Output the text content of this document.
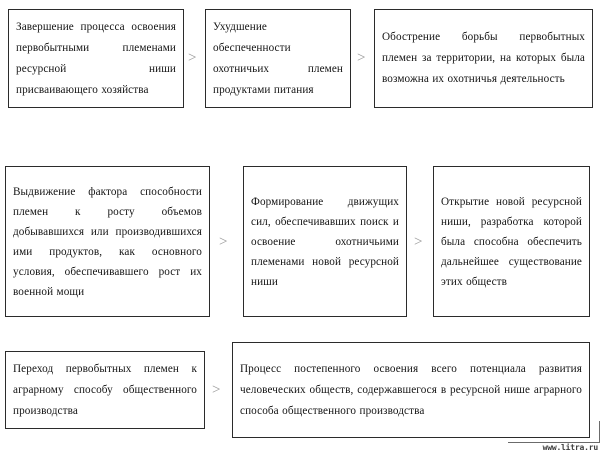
Завершение процесса освоения первобытными племенами ресурсной ниши присваивающего хозяйства
>
Ухудшение обеспеченности охотничьих племен продуктами питания
>
Обострение борьбы первобытных племен за территории, на которых была возможна их охотничья деятельность
Выдвижение фактора способности племен к росту объемов добывавшихся или производившихся ими продуктов, как основного условия, обеспечивавшего рост их военной мощи
>
Формирование движущих сил, обеспечивавших поиск и освоение охотничьими племенами новой ресурсной ниши
>
Открытие новой ресурсной ниши, разработка которой была способна обеспечить дальнейшее существование этих обществ
Переход первобытных племен к аграрному способу общественного производства
>
Процесс постепенного освоения всего потенциала развития человеческих обществ, содержавшегося в ресурсной нише аграрного способа общественного производства
www.litra.ru
